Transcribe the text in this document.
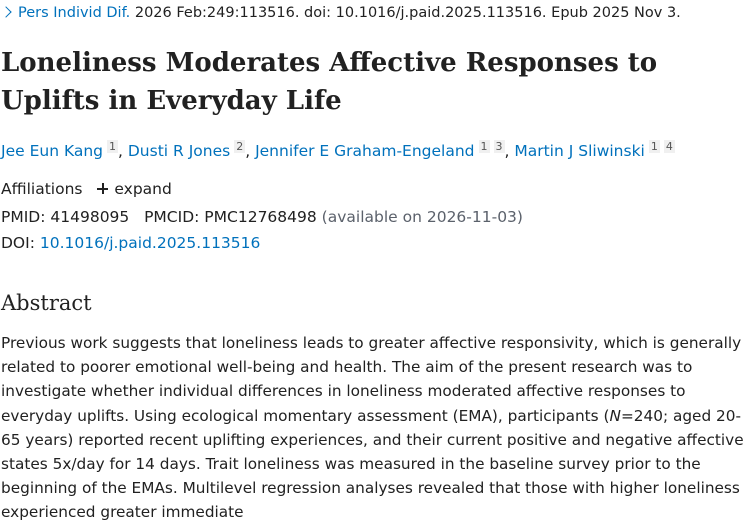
Pers Individ Dif. 2026 Feb:249:113516. doi: 10.1016/j.paid.2025.113516. Epub 2025 Nov 3.
Loneliness Moderates Affective Responses to Uplifts in Everyday Life
Jee Eun Kang 1 , Dusti R Jones 2 , Jennifer E Graham-Engeland 1 3 , Martin J Sliwinski 1 4
Affiliations expand
PMID: 41498095 PMCID: PMC12768498 (available on 2026-11-03)
DOI: 10.1016/j.paid.2025.113516
Abstract

Previous work suggests that loneliness leads to greater affective responsivity, which is generally related to poorer emotional well-being and health. The aim of the present research was to investigate whether individual differences in loneliness moderated affective responses to everyday uplifts. Using ecological momentary assessment (EMA), participants (N=240; aged 20-65 years) reported recent uplifting experiences, and their current positive and negative affective states 5x/day for 14 days. Trait loneliness was measured in the baseline survey prior to the beginning of the EMAs. Multilevel regression analyses revealed that those with higher loneliness experienced greater immediate
